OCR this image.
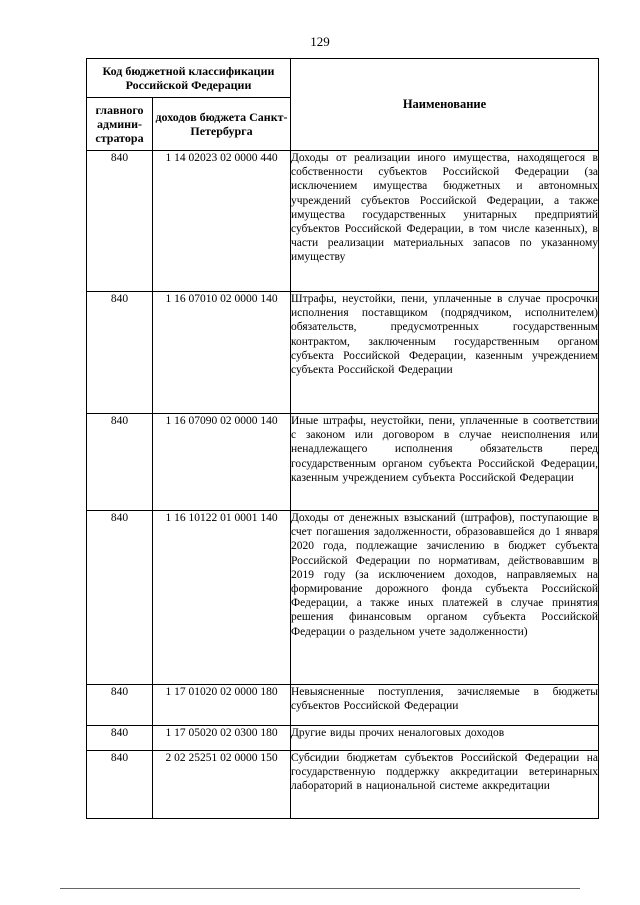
129
Код бюджетной классификации Российской Федерации		Наименование
главного админи-стратора	доходов бюджета Санкт-Петербурга	
840	1 14 02023 02 0000 440	Доходы от реализации иного имущества, находящегося в собственности субъектов Российской Федерации (за исключением имущества бюджетных и автономных учреждений субъектов Российской Федерации, а также имущества государственных унитарных предприятий субъектов Российской Федерации, в том числе казенных), в части реализации материальных запасов по указанному имуществу
840	1 16 07010 02 0000 140	Штрафы, неустойки, пени, уплаченные в случае просрочки исполнения поставщиком (подрядчиком, исполнителем) обязательств, предусмотренных государственным контрактом, заключенным государственным органом субъекта Российской Федерации, казенным учреждением субъекта Российской Федерации
840	1 16 07090 02 0000 140	Иные штрафы, неустойки, пени, уплаченные в соответствии с законом или договором в случае неисполнения или ненадлежащего исполнения обязательств перед государственным органом субъекта Российской Федерации, казенным учреждением субъекта Российской Федерации
840	1 16 10122 01 0001 140	Доходы от денежных взысканий (штрафов), поступающие в счет погашения задолженности, образовавшейся до 1 января 2020 года, подлежащие зачислению в бюджет субъекта Российской Федерации по нормативам, действовавшим в 2019 году (за исключением доходов, направляемых на формирование дорожного фонда субъекта Российской Федерации, а также иных платежей в случае принятия решения финансовым органом субъекта Российской Федерации о раздельном учете задолженности)
840	1 17 01020 02 0000 180	Невыясненные поступления, зачисляемые в бюджеты субъектов Российской Федерации
840	1 17 05020 02 0300 180	Другие виды прочих неналоговых доходов
840	2 02 25251 02 0000 150	Субсидии бюджетам субъектов Российской Федерации на государственную поддержку аккредитации ветеринарных лабораторий в национальной системе аккредитации
